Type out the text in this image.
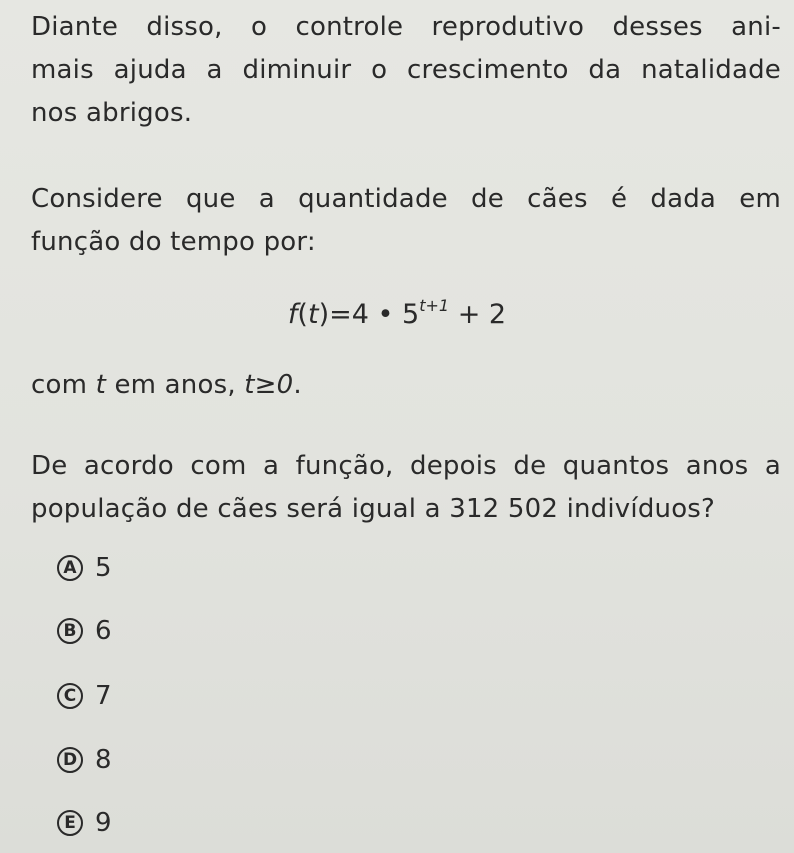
Diante disso, o controle reprodutivo desses ani-
mais ajuda a diminuir o crescimento da natalidade
nos abrigos.

Considere que a quantidade de cães é dada em
função do tempo por:

f(t)=4 • $5^{t+1} + 2$

com t em anos, t≥0.

De acordo com a função, depois de quantos anos a
população de cães será igual a 312 502 indivíduos?

A 5
B 6
C 7
D 8
E 9
